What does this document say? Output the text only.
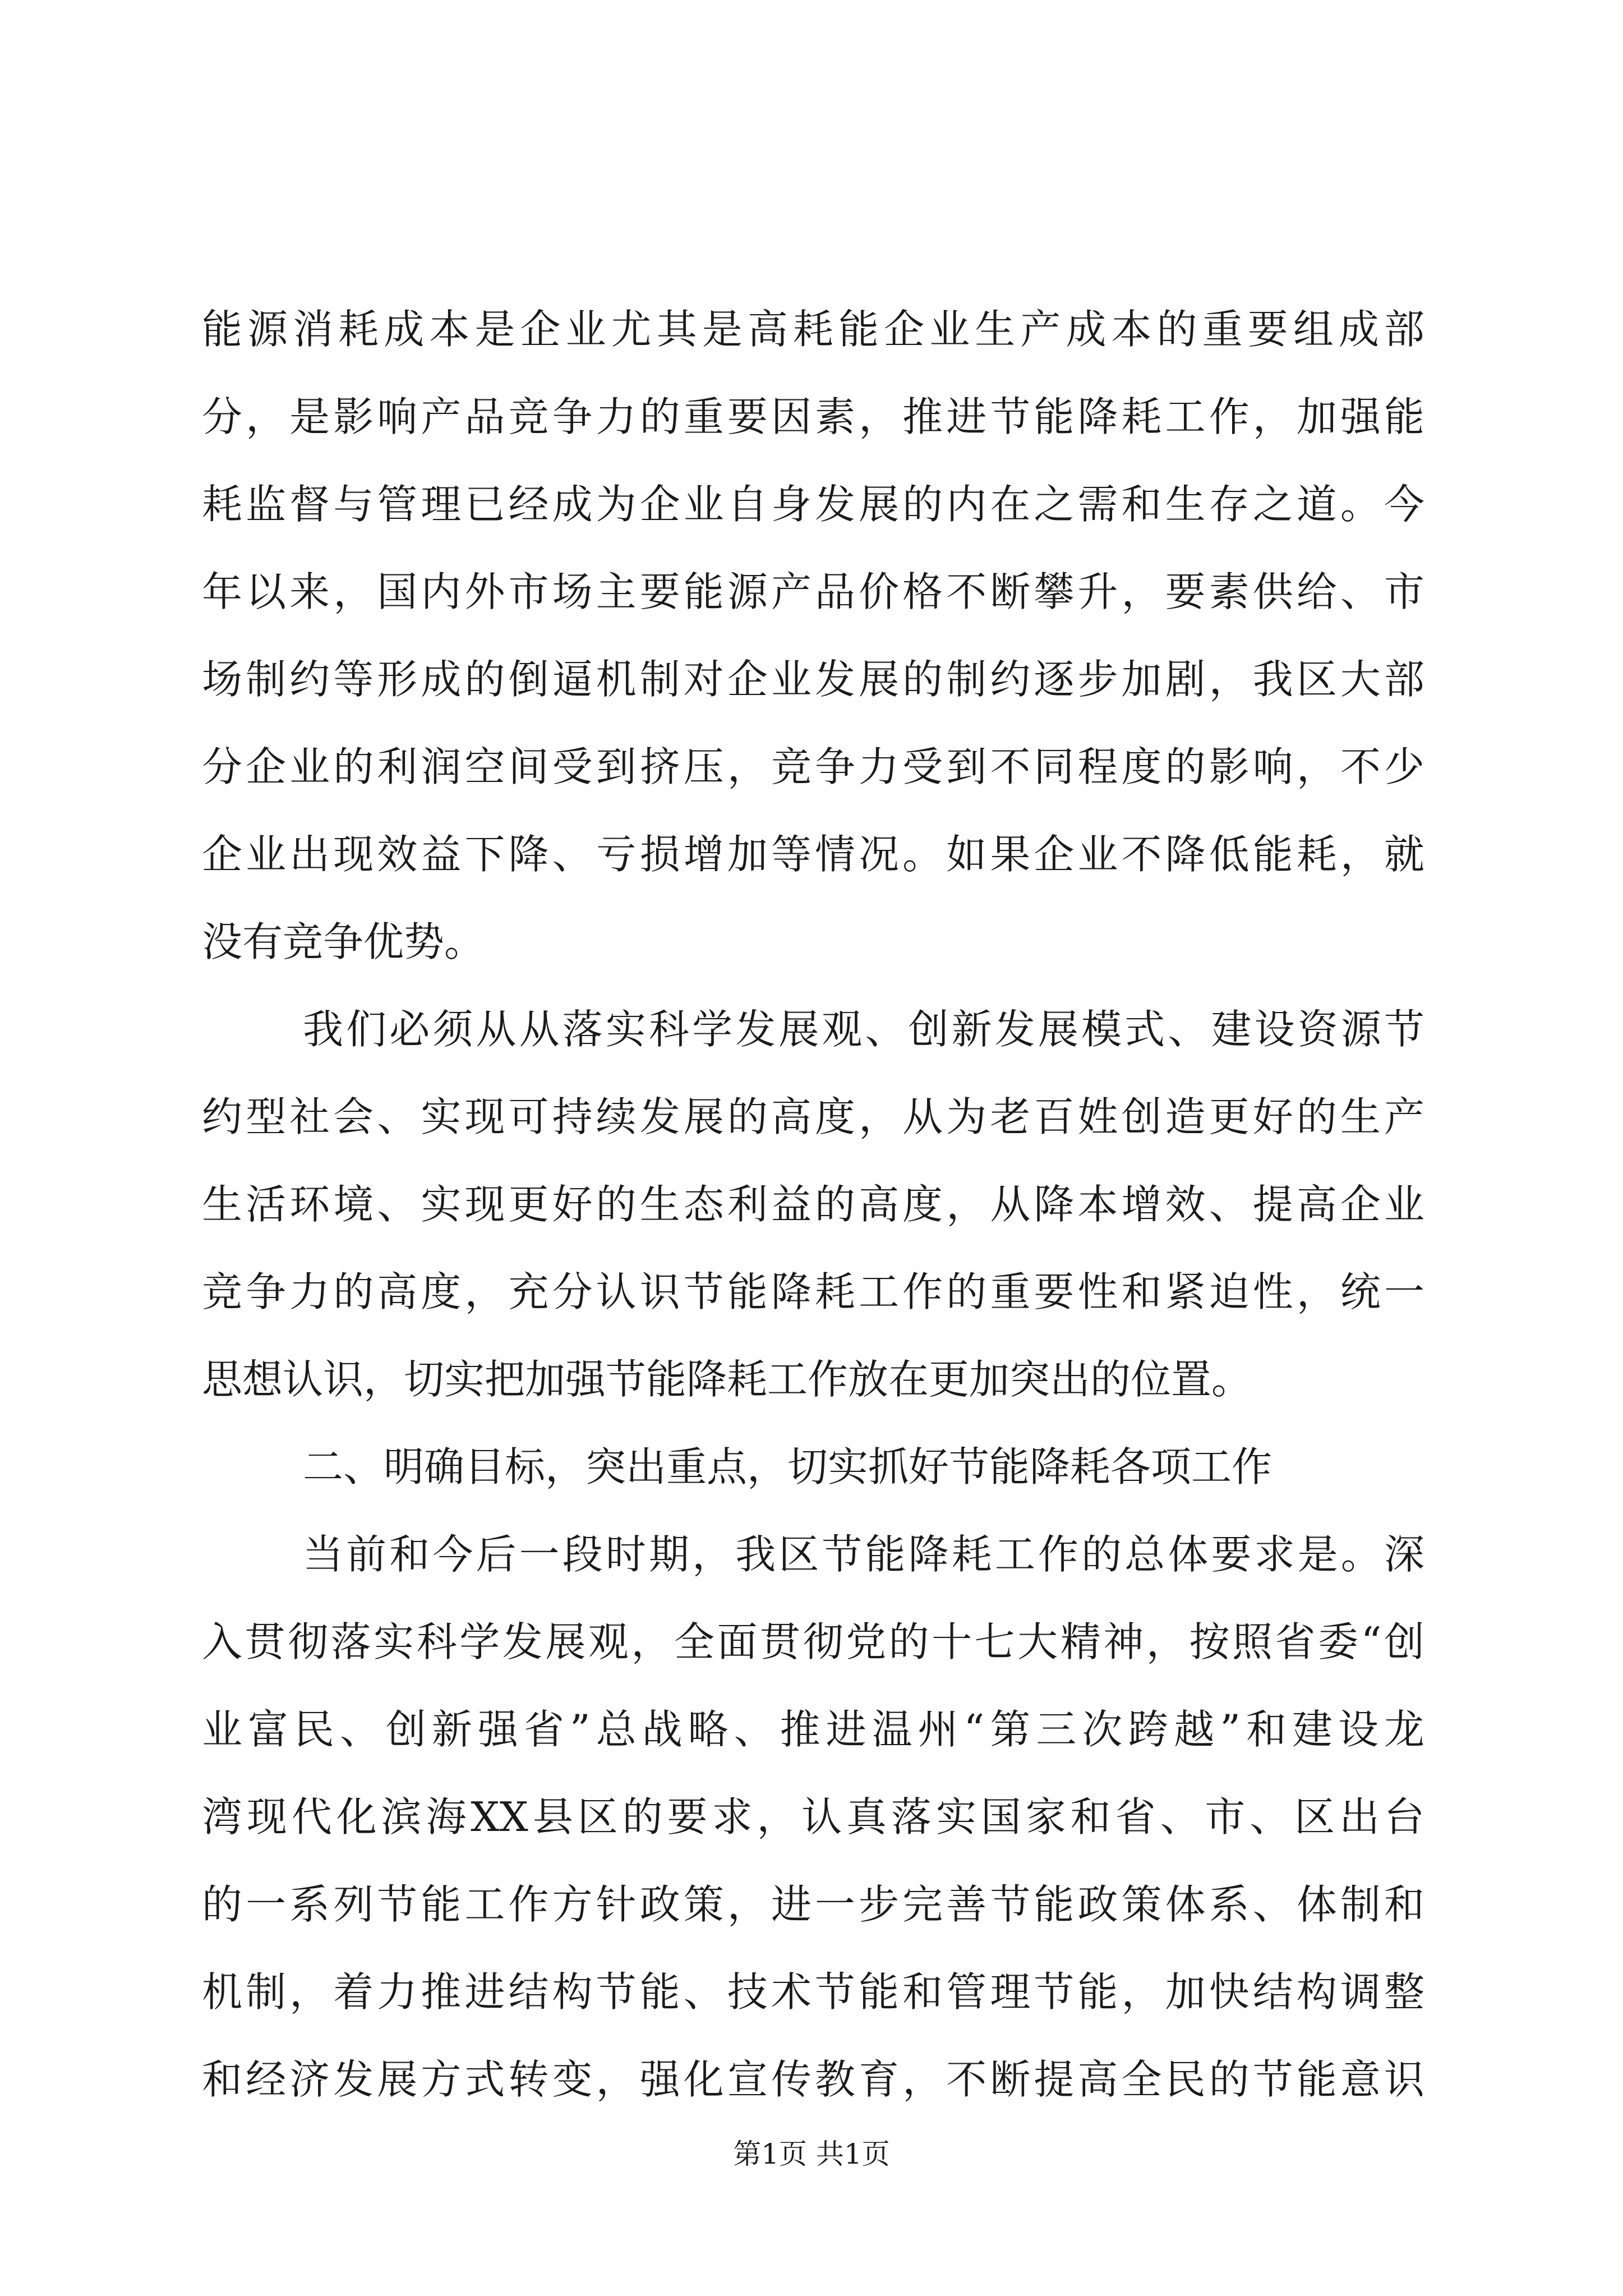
能源消耗成本是企业尤其是高耗能企业生产成本的重要组成部
分，是影响产品竞争力的重要因素，推进节能降耗工作，加强能
耗监督与管理已经成为企业自身发展的内在之需和生存之道。今
年以来，国内外市场主要能源产品价格不断攀升，要素供给、市
场制约等形成的倒逼机制对企业发展的制约逐步加剧，我区大部
分企业的利润空间受到挤压，竞争力受到不同程度的影响，不少
企业出现效益下降、亏损增加等情况。如果企业不降低能耗，就
没有竞争优势。
我们必须从从落实科学发展观、创新发展模式、建设资源节
约型社会、实现可持续发展的高度，从为老百姓创造更好的生产
生活环境、实现更好的生态利益的高度，从降本增效、提高企业
竞争力的高度，充分认识节能降耗工作的重要性和紧迫性，统一
思想认识，切实把加强节能降耗工作放在更加突出的位置。
二、明确目标，突出重点，切实抓好节能降耗各项工作
当前和今后一段时期，我区节能降耗工作的总体要求是。深
入贯彻落实科学发展观，全面贯彻党的十七大精神，按照省委“创
业富民、创新强省”总战略、推进温州“第三次跨越”和建设龙
湾现代化滨海XX县区的要求，认真落实国家和省、市、区出台
的一系列节能工作方针政策，进一步完善节能政策体系、体制和
机制，着力推进结构节能、技术节能和管理节能，加快结构调整
和经济发展方式转变，强化宣传教育，不断提高全民的节能意识
第1页 共1页
